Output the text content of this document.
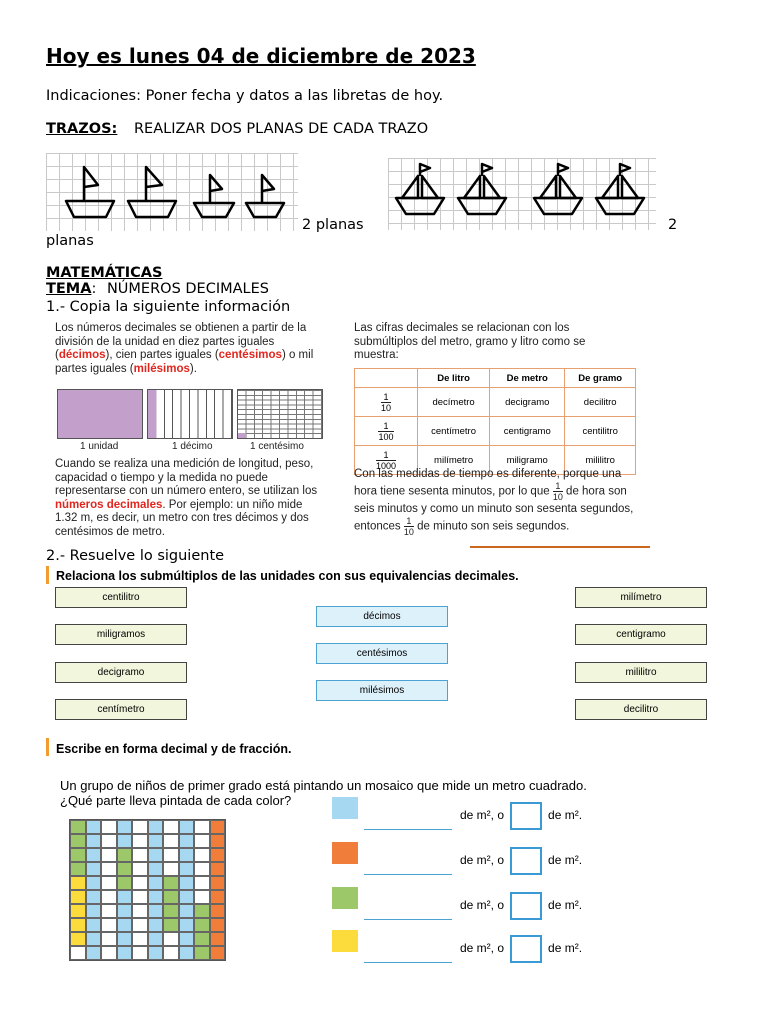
Hoy es lunes 04 de diciembre de 2023
Indicaciones: Poner fecha y datos a las libretas de hoy.
TRAZOS: REALIZAR DOS PLANAS DE CADA TRAZO
2 planas	2
planas
MATEMÁTICAS
TEMA: NÚMEROS DECIMALES
1.- Copia la siguiente información
Los números decimales se obtienen a partir de la división de la unidad en diez partes iguales (décimos), cien partes iguales (centésimos) o mil partes iguales (milésimos).
1 unidad	1 décimo	1 centésimo
Cuando se realiza una medición de longitud, peso, capacidad o tiempo y la medida no puede representarse con un número entero, se utilizan los números decimales. Por ejemplo: un niño mide 1.32 m, es decir, un metro con tres décimos y dos centésimos de metro.
Las cifras decimales se relacionan con los submúltiplos del metro, gramo y litro como se muestra:
	De litro	De metro	De gramo

$\frac{1}{10}$	decímetro	decigramo	decilitro

$\frac{1}{100}$	centímetro	centigramo	centilitro

$\frac{1}{1000}$	milímetro	miligramo	mililitro
Con las medidas de tiempo es diferente, porque una hora tiene sesenta minutos, por lo que $\frac{1}{10}$ de hora son seis minutos y como un minuto son sesenta segundos, entonces $\frac{1}{10}$ de minuto son seis segundos.
2.- Resuelve lo siguiente
Relaciona los submúltiplos de las unidades con sus equivalencias decimales.
centilitro
miligramos
decigramo
centímetro
décimos
centésimos
milésimos
milímetro
centigramo
mililitro
decilitro
Escribe en forma decimal y de fracción.
Un grupo de niños de primer grado está pintando un mosaico que mide un metro cuadrado.
¿Qué parte lleva pintada de cada color?
de m², o	de m².
de m², o	de m².
de m², o	de m².
de m², o	de m².
